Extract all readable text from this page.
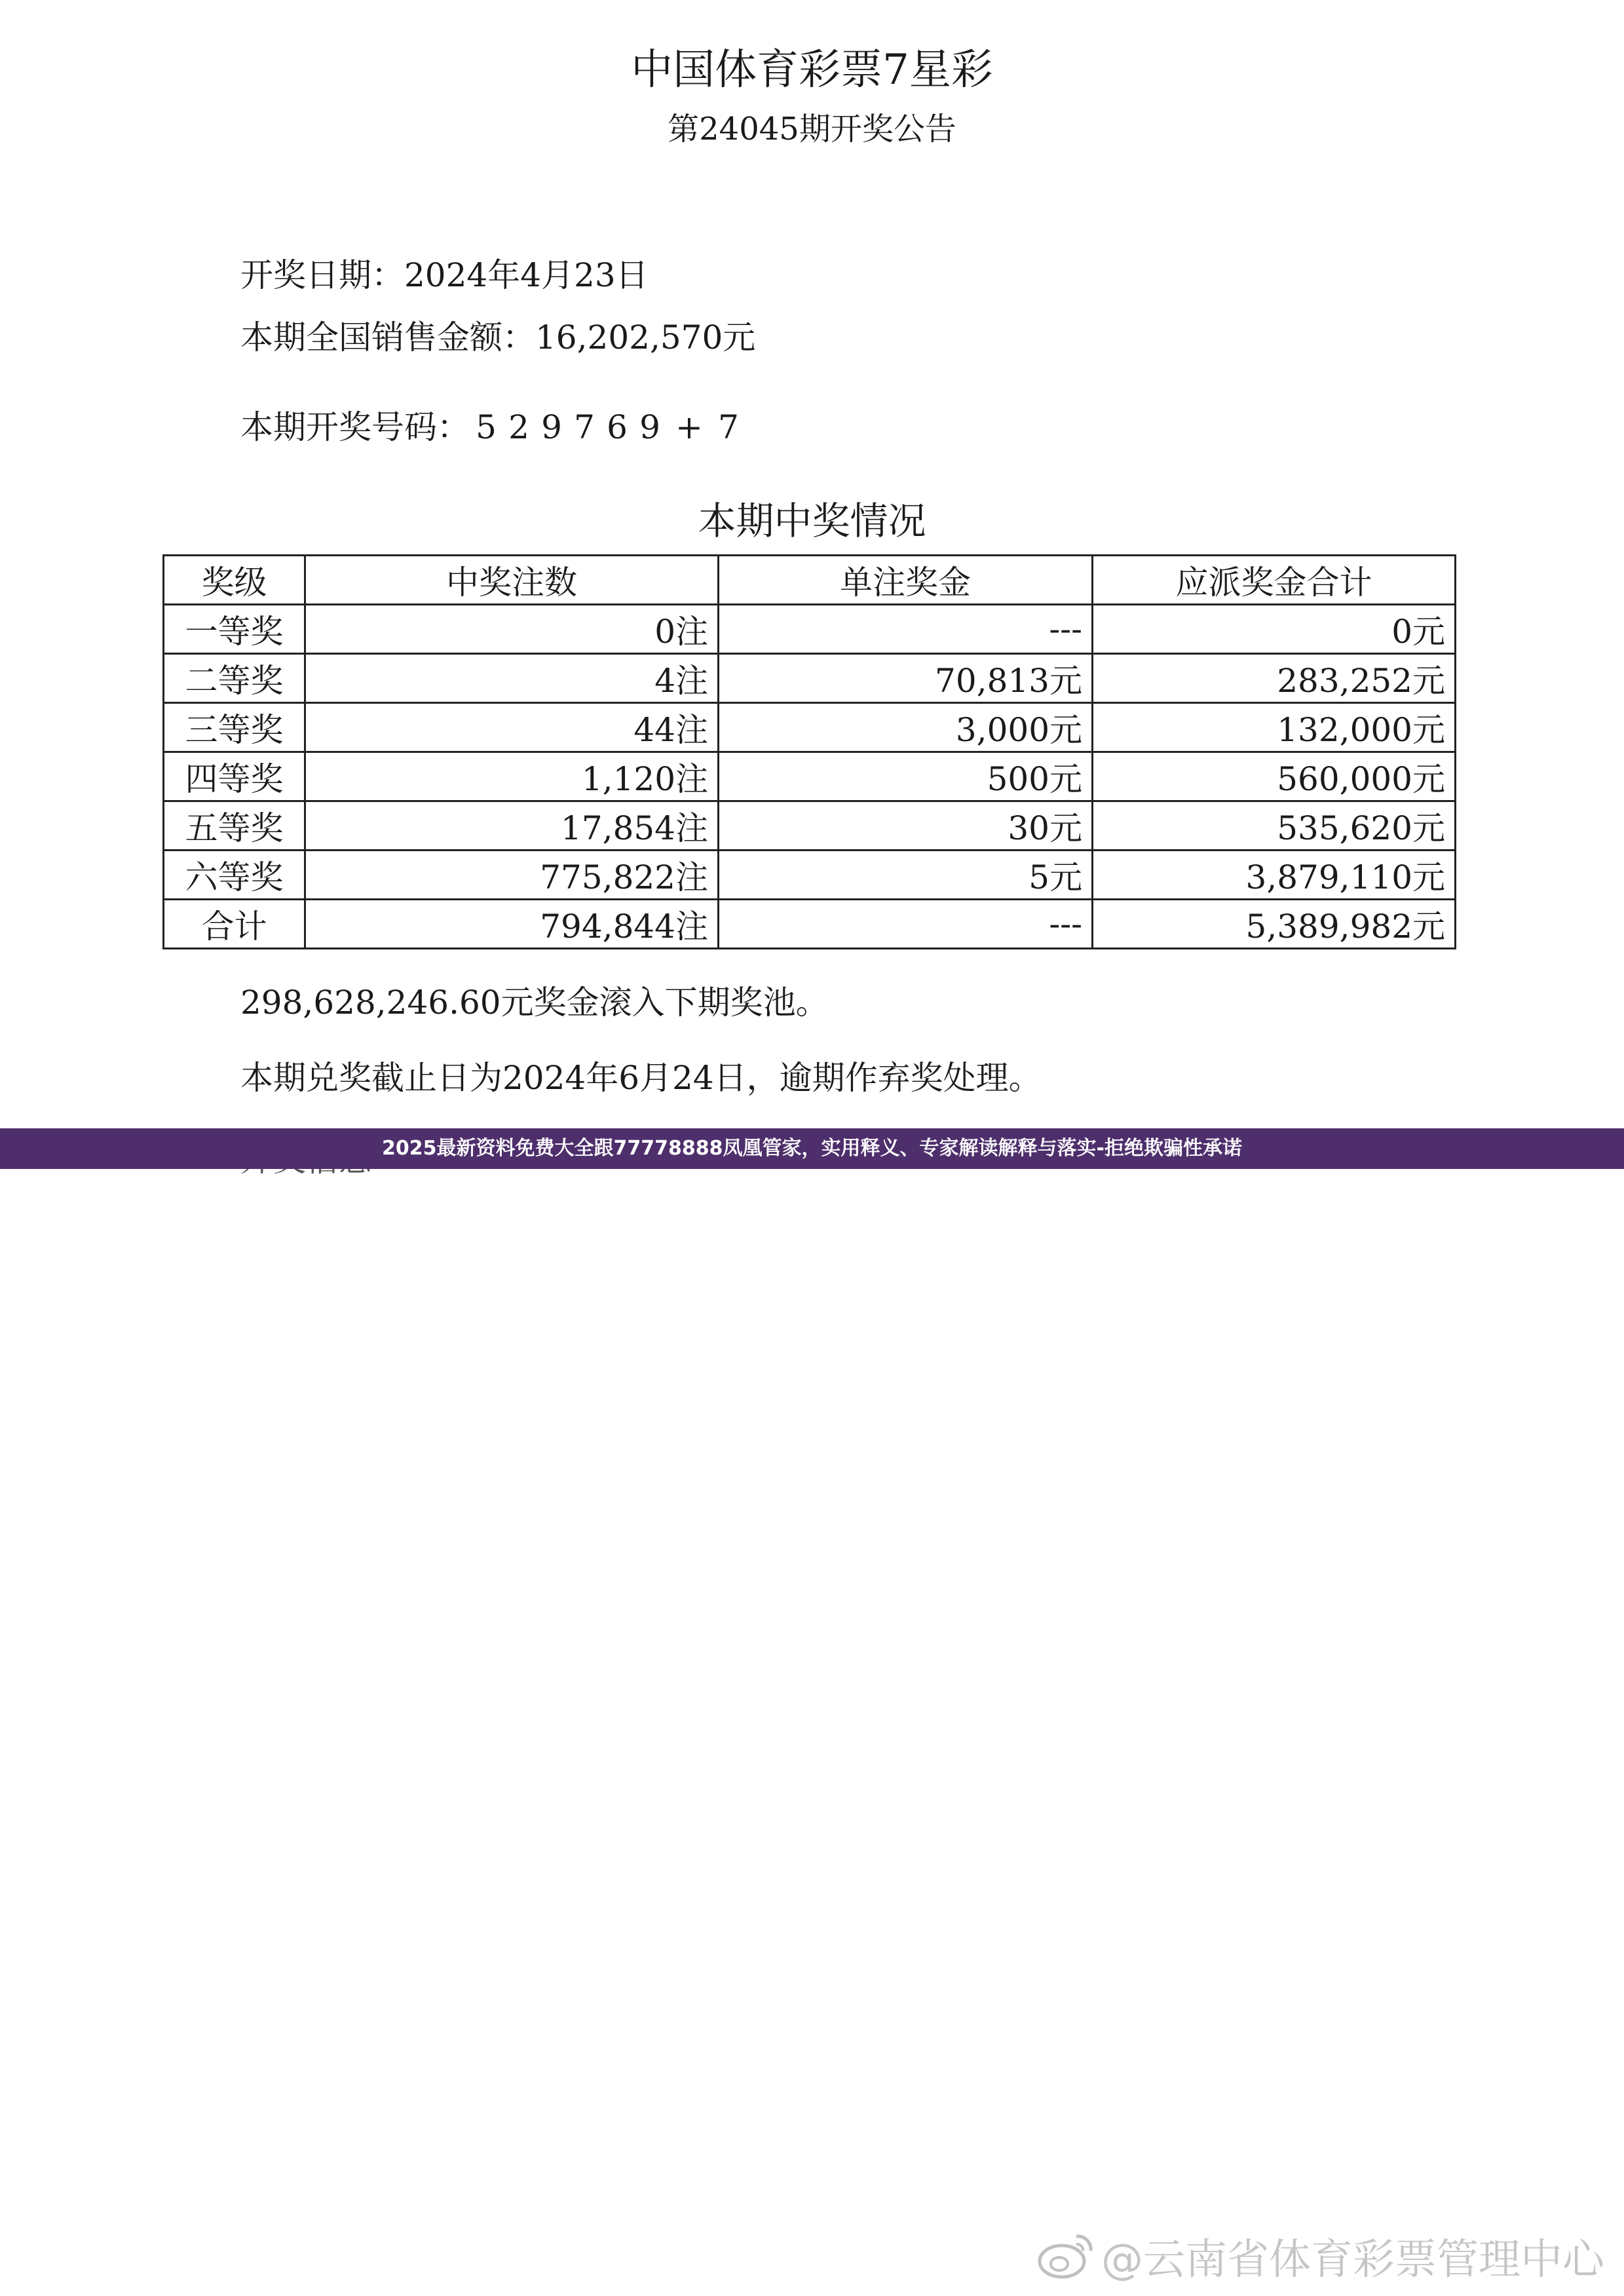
中国体育彩票7星彩
第24045期开奖公告
开奖日期：2024年4月23日
本期全国销售金额：16,202,570元
本期开奖号码： 5 2 9 7 6 9 + 7
本期中奖情况
奖级	中奖注数	单注奖金	应派奖金合计
一等奖	0注	---	0元
二等奖	4注	70,813元	283,252元
三等奖	44注	3,000元	132,000元
四等奖	1,120注	500元	560,000元
五等奖	17,854注	30元	535,620元
六等奖	775,822注	5元	3,879,110元
合计	794,844注	---	5,389,982元
298,628,246.60元奖金滚入下期奖池。
本期兑奖截止日为2024年6月24日，逾期作弃奖处理。
2025最新资料免费大全跟77778888凤凰管家，实用释义、专家解读解释与落实-拒绝欺骗性承诺
@云南省体育彩票管理中心
